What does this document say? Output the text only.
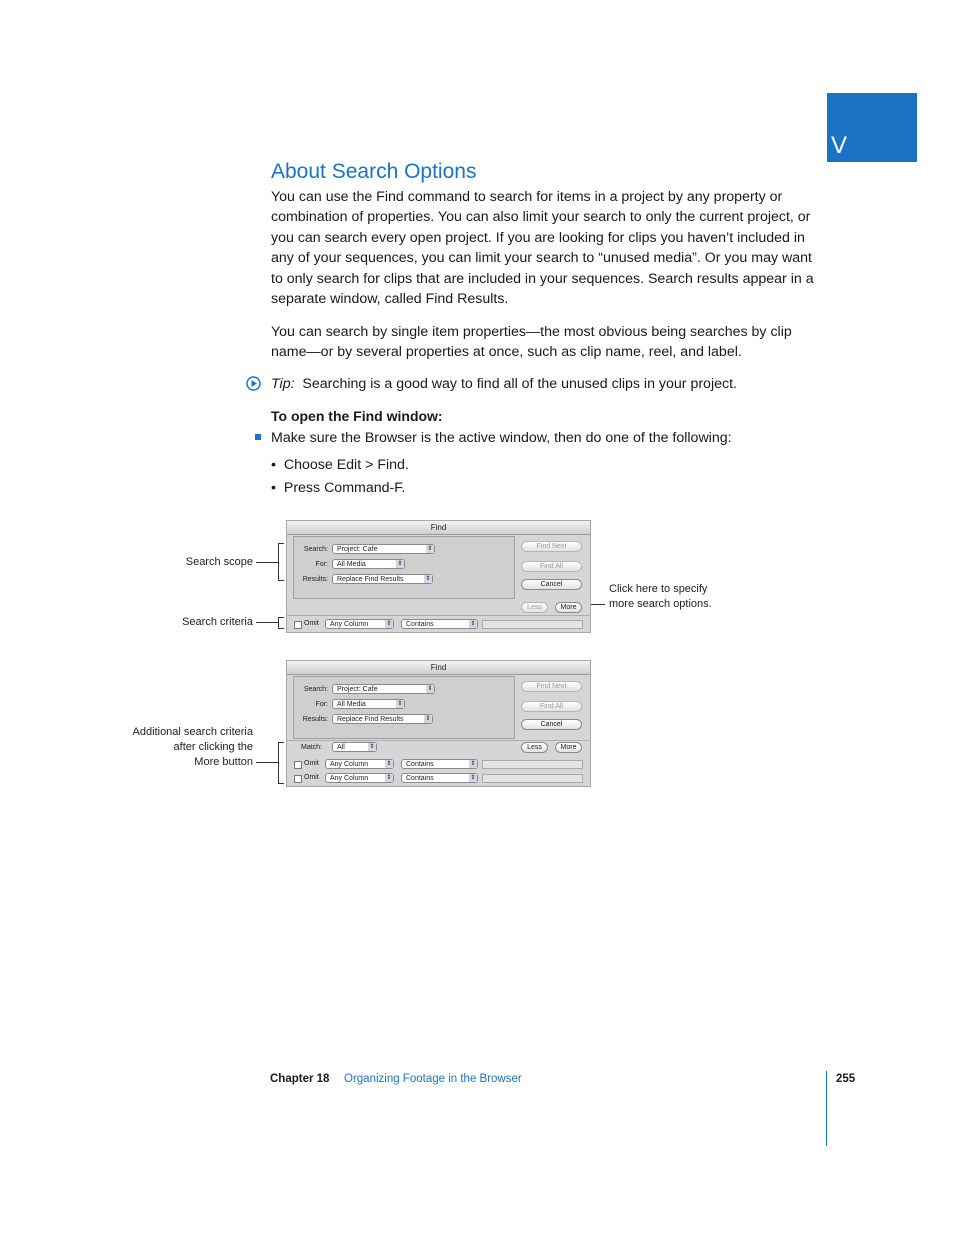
V
About Search Options

You can use the Find command to search for items in a project by any property or combination of properties. You can also limit your search to only the current project, or you can search every open project. If you are looking for clips you haven’t included in any of your sequences, you can limit your search to “unused media”. Or you may want to only search for clips that are included in your sequences. Search results appear in a separate window, called Find Results.

You can search by single item properties—the most obvious being searches by clip name—or by several properties at once, such as clip name, reel, and label.

Tip: Searching is a good way to find all of the unused clips in your project.

To open the Find window:

Make sure the Browser is the active window, then do one of the following:

•  Choose Edit > Find.

•  Press Command-F.

Search scope

Search criteria

Click here to specify
more search options.

Find
Search:	Project: Cafe	⇕
For:	All Media	⇕
Results:	Replace Find Results	⇕
Find Next
Find All
Cancel
Less	More
Omit	Any Column	⇕	Contains	⇕

Additional search criteria
after clicking the
More button

Find
Search:	Project: Cafe	⇕
For:	All Media	⇕
Results:	Replace Find Results	⇕
Find Next
Find All
Cancel
Match:	All	⇕	Less	More
Omit	Any Column	⇕	Contains	⇕
Omit	Any Column	⇕	Contains	⇕

Chapter 18 Organizing Footage in the Browser	255
